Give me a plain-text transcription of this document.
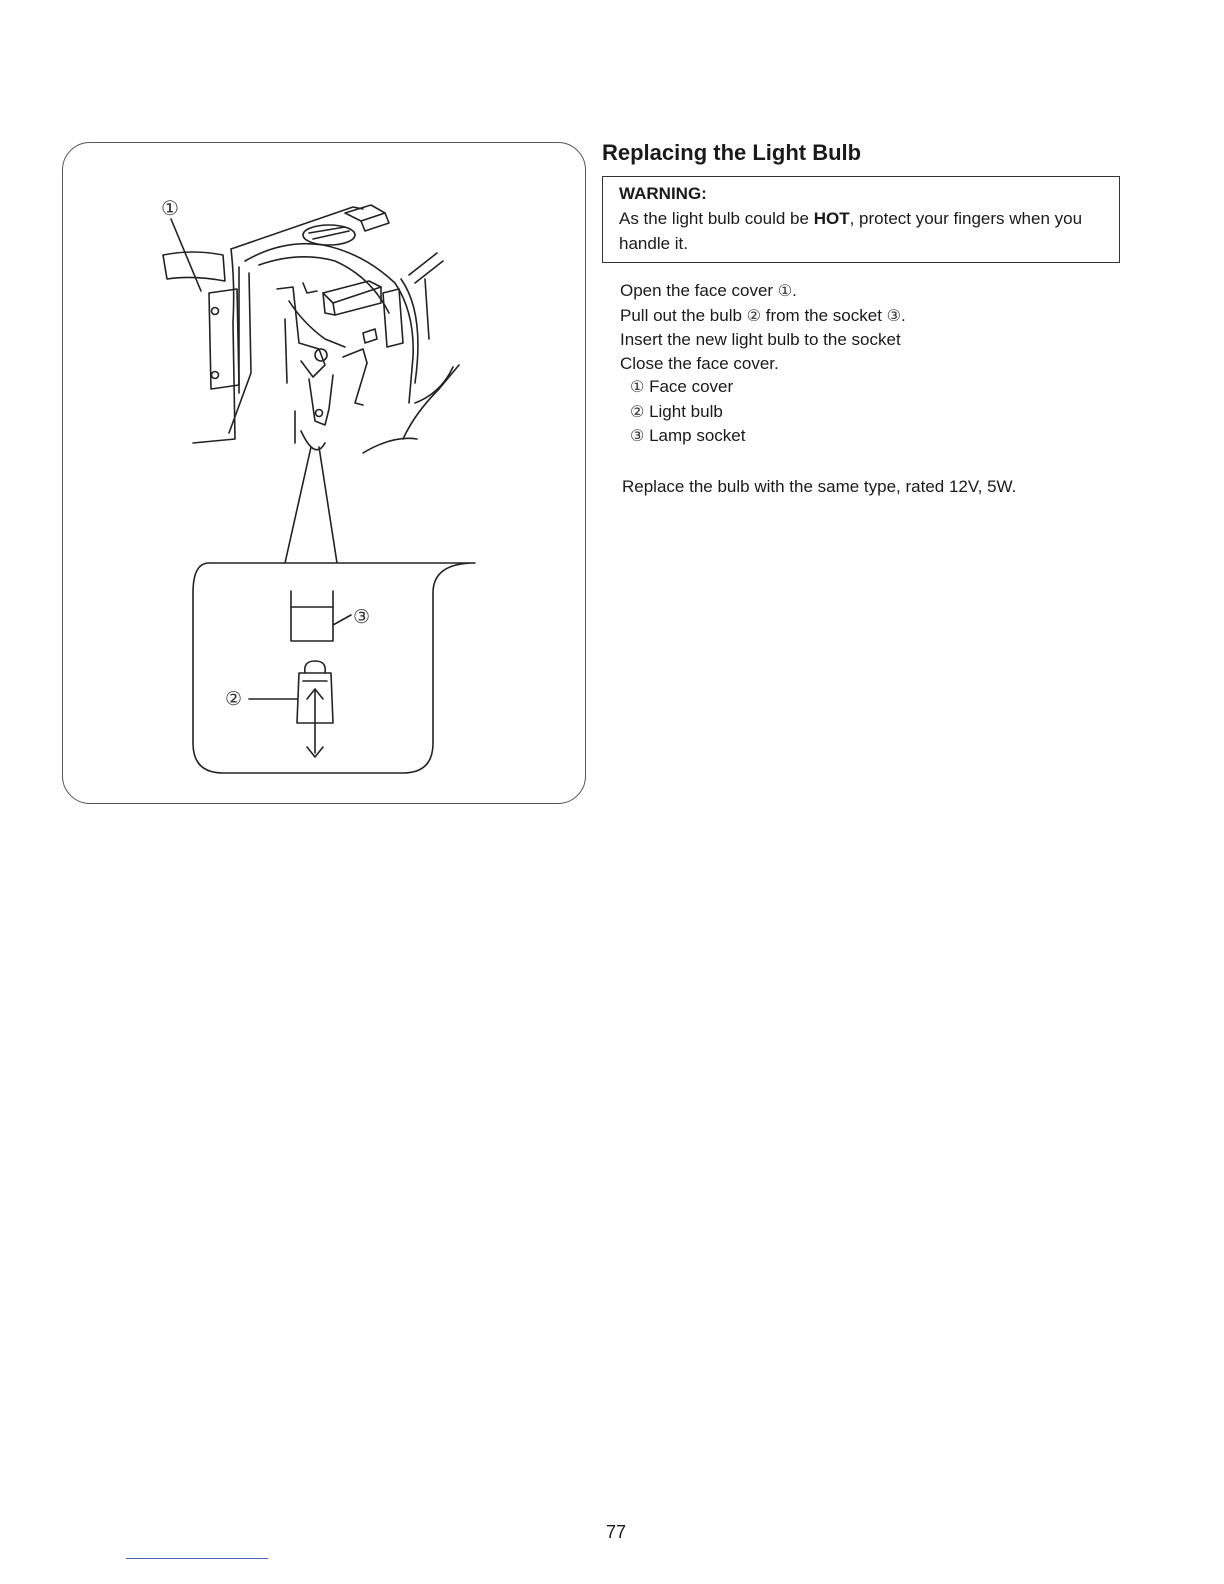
①
③
②
Replacing the Light Bulb
WARNING:
As the light bulb could be HOT, protect your fingers when you handle it.
Open the face cover ①.
Pull out the bulb ② from the socket ③.
Insert the new light bulb to the socket
Close the face cover.
① Face cover
② Light bulb
③ Lamp socket
Replace the bulb with the same type, rated 12V, 5W.
77
